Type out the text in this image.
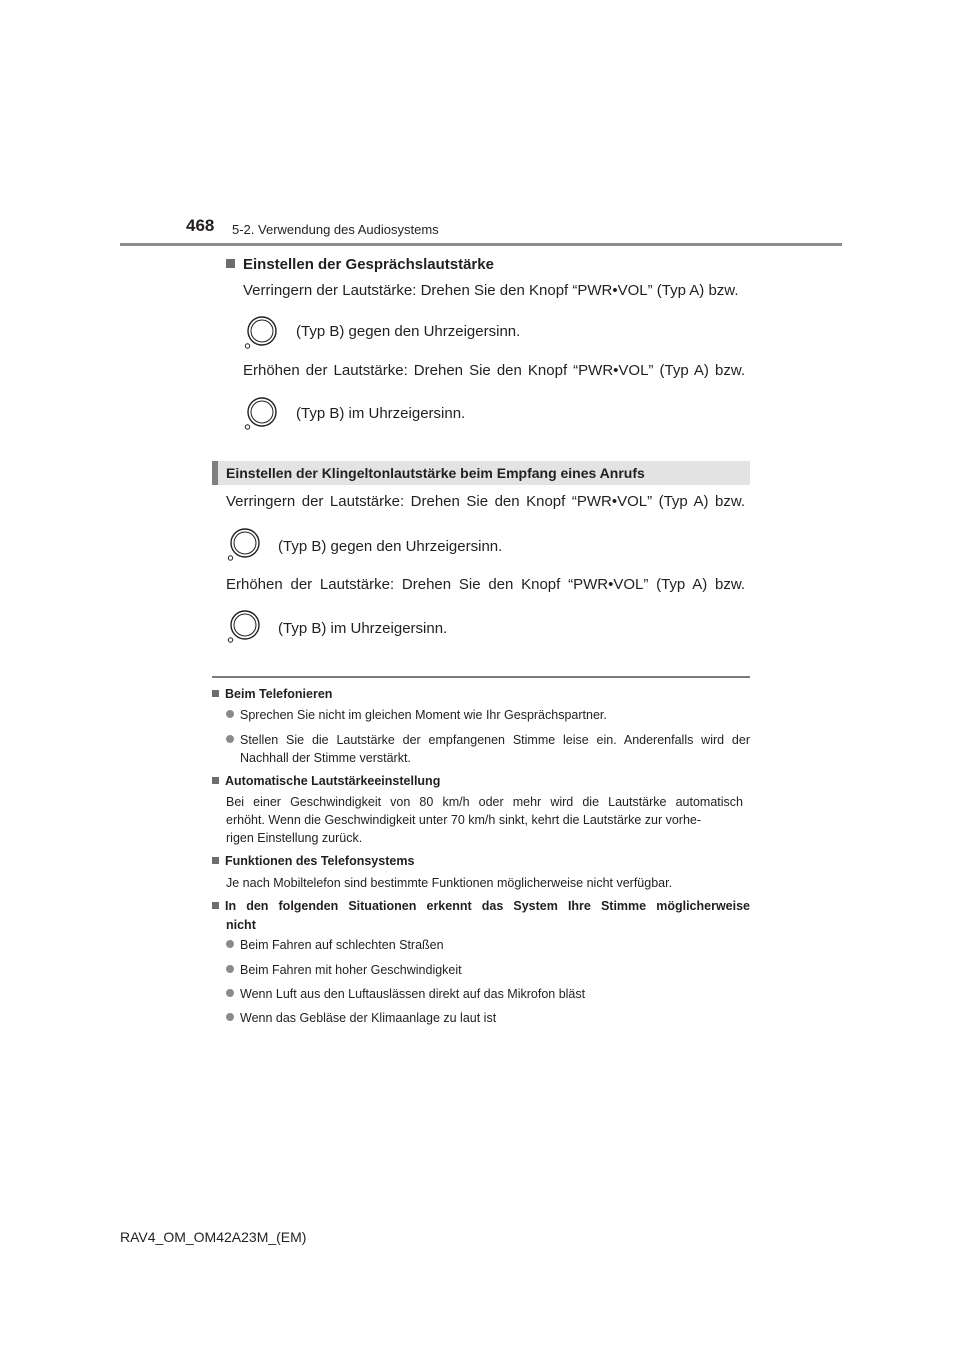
468 5-2. Verwendung des Audiosystems
Einstellen der Gesprächslautstärke
Verringern der Lautstärke: Drehen Sie den Knopf “PWR•VOL” (Typ A) bzw.
(Typ B) gegen den Uhrzeigersinn.
Erhöhen der Lautstärke: Drehen Sie den Knopf “PWR•VOL” (Typ A) bzw.
(Typ B) im Uhrzeigersinn.
Einstellen der Klingeltonlautstärke beim Empfang eines Anrufs
Verringern der Lautstärke: Drehen Sie den Knopf “PWR•VOL” (Typ A) bzw.
(Typ B) gegen den Uhrzeigersinn.
Erhöhen der Lautstärke: Drehen Sie den Knopf “PWR•VOL” (Typ A) bzw.
(Typ B) im Uhrzeigersinn.
Beim Telefonieren
Sprechen Sie nicht im gleichen Moment wie Ihr Gesprächspartner.
Stellen Sie die Lautstärke der empfangenen Stimme leise ein. Anderenfalls wird der
Nachhall der Stimme verstärkt.
Automatische Lautstärkeeinstellung
Bei einer Geschwindigkeit von 80 km/h oder mehr wird die Lautstärke automatisch
erhöht. Wenn die Geschwindigkeit unter 70 km/h sinkt, kehrt die Lautstärke zur vorhe-
rigen Einstellung zurück.
Funktionen des Telefonsystems
Je nach Mobiltelefon sind bestimmte Funktionen möglicherweise nicht verfügbar.
In den folgenden Situationen erkennt das System Ihre Stimme möglicherweise
nicht
Beim Fahren auf schlechten Straßen
Beim Fahren mit hoher Geschwindigkeit
Wenn Luft aus den Luftauslässen direkt auf das Mikrofon bläst
Wenn das Gebläse der Klimaanlage zu laut ist
RAV4_OM_OM42A23M_(EM)
